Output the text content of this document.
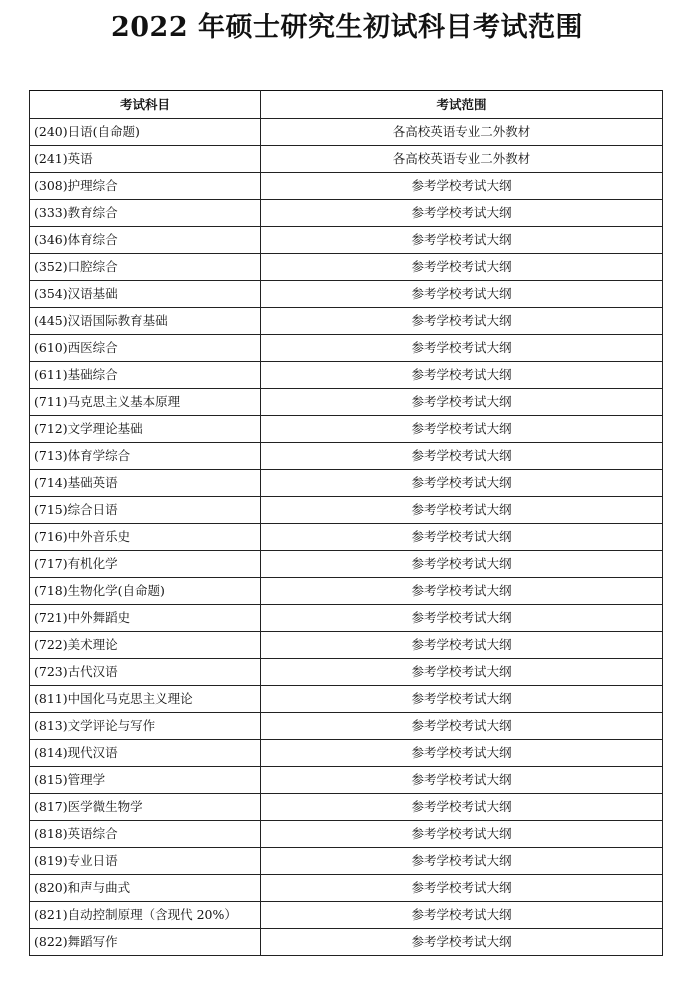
2022 年硕士研究生初试科目考试范围
考试科目	考试范围
(240)日语(自命题)	各高校英语专业二外教材
(241)英语	各高校英语专业二外教材
(308)护理综合	参考学校考试大纲
(333)教育综合	参考学校考试大纲
(346)体育综合	参考学校考试大纲
(352)口腔综合	参考学校考试大纲
(354)汉语基础	参考学校考试大纲
(445)汉语国际教育基础	参考学校考试大纲
(610)西医综合	参考学校考试大纲
(611)基础综合	参考学校考试大纲
(711)马克思主义基本原理	参考学校考试大纲
(712)文学理论基础	参考学校考试大纲
(713)体育学综合	参考学校考试大纲
(714)基础英语	参考学校考试大纲
(715)综合日语	参考学校考试大纲
(716)中外音乐史	参考学校考试大纲
(717)有机化学	参考学校考试大纲
(718)生物化学(自命题)	参考学校考试大纲
(721)中外舞蹈史	参考学校考试大纲
(722)美术理论	参考学校考试大纲
(723)古代汉语	参考学校考试大纲
(811)中国化马克思主义理论	参考学校考试大纲
(813)文学评论与写作	参考学校考试大纲
(814)现代汉语	参考学校考试大纲
(815)管理学	参考学校考试大纲
(817)医学微生物学	参考学校考试大纲
(818)英语综合	参考学校考试大纲
(819)专业日语	参考学校考试大纲
(820)和声与曲式	参考学校考试大纲
(821)自动控制原理（含现代 20%）	参考学校考试大纲
(822)舞蹈写作	参考学校考试大纲
